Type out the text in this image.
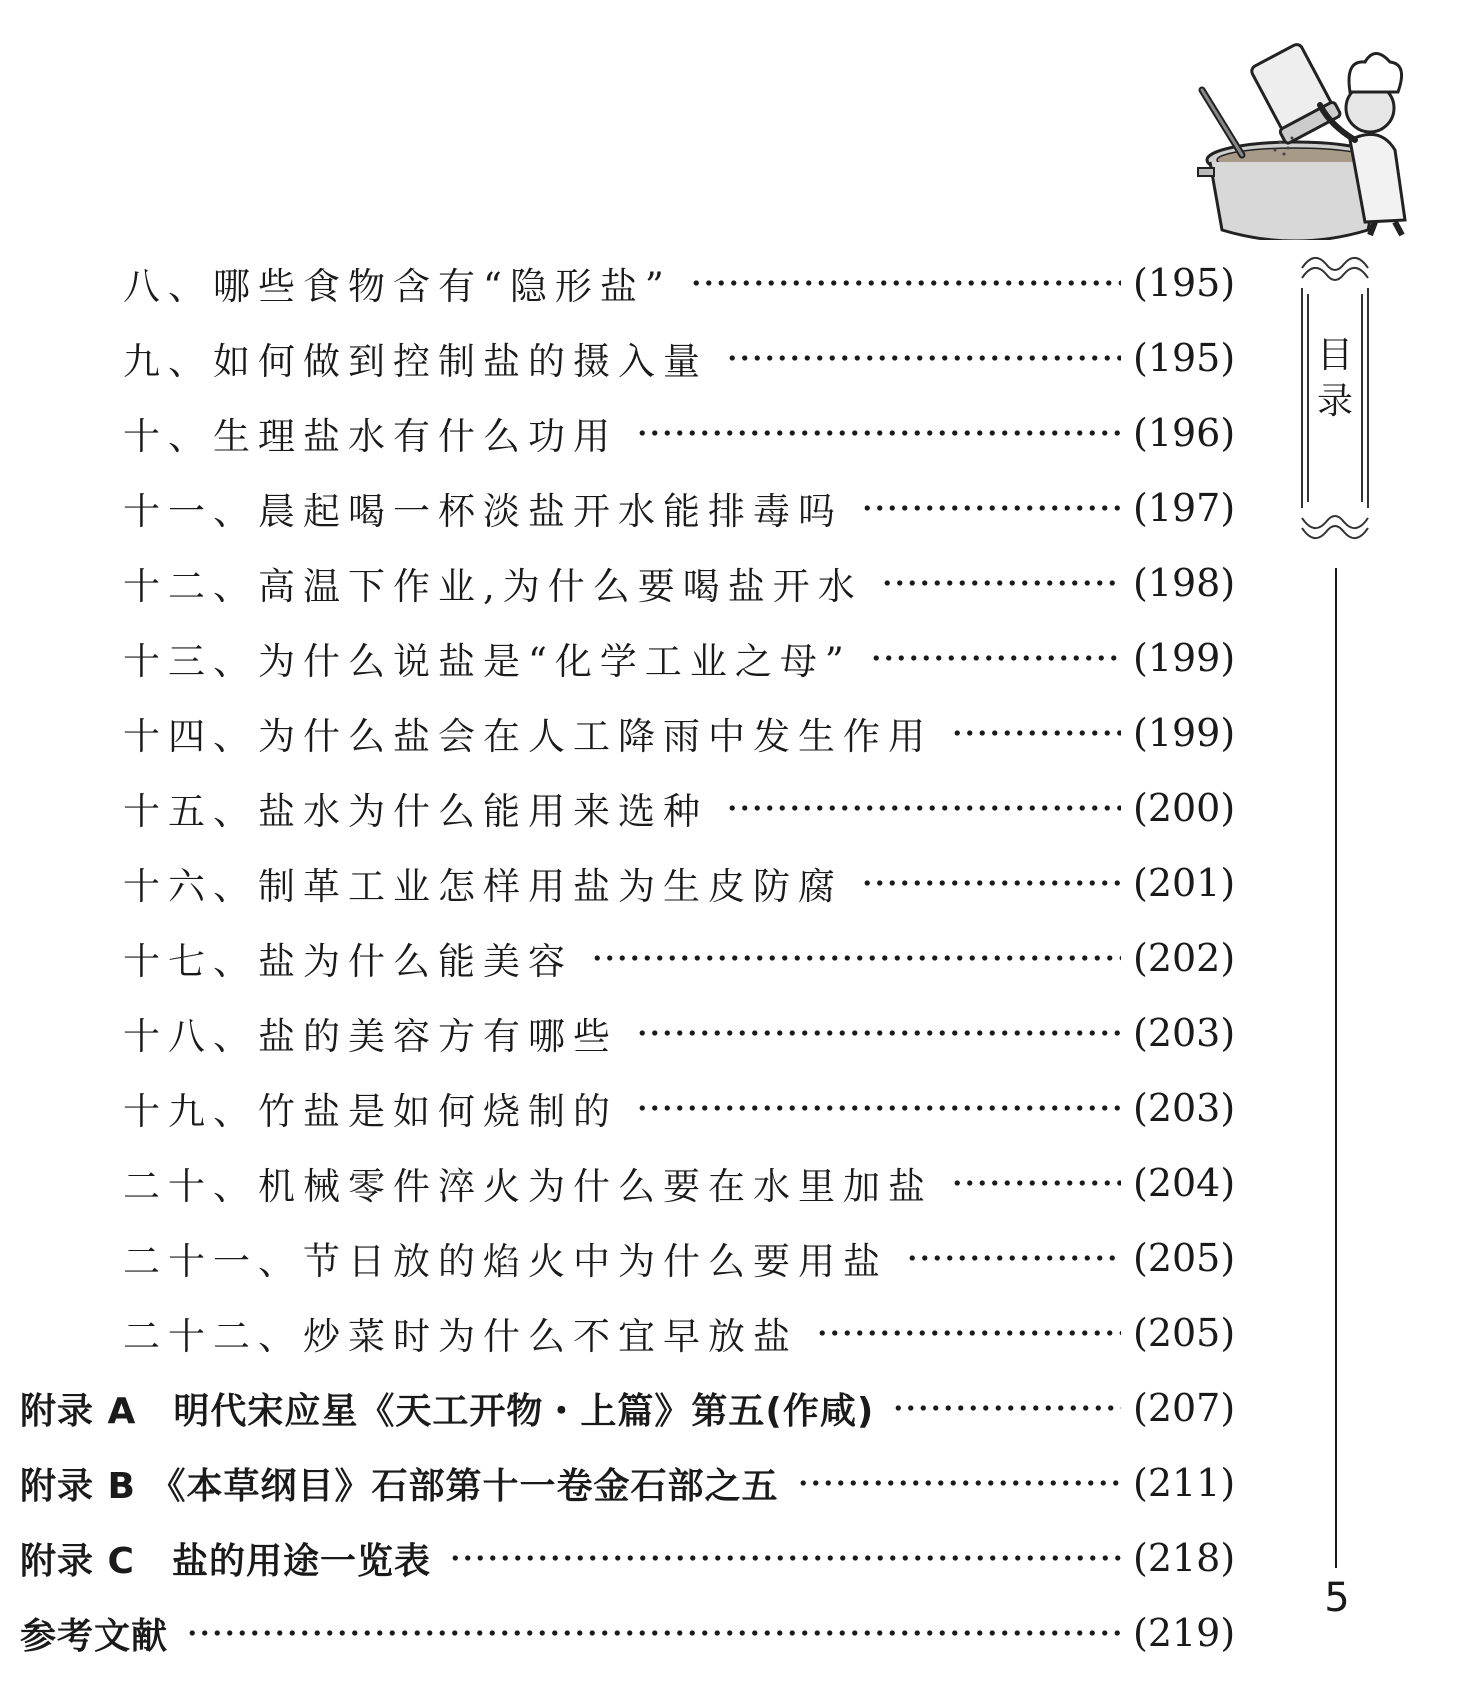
八、哪些食物含有“隐形盐”	(195)
九、如何做到控制盐的摄入量	(195)
十、生理盐水有什么功用	(196)
十一、晨起喝一杯淡盐开水能排毒吗	(197)
十二、高温下作业,为什么要喝盐开水	(198)
十三、为什么说盐是“化学工业之母”	(199)
十四、为什么盐会在人工降雨中发生作用	(199)
十五、盐水为什么能用来选种	(200)
十六、制革工业怎样用盐为生皮防腐	(201)
十七、盐为什么能美容	(202)
十八、盐的美容方有哪些	(203)
十九、竹盐是如何烧制的	(203)
二十、机械零件淬火为什么要在水里加盐	(204)
二十一、节日放的焰火中为什么要用盐	(205)
二十二、炒菜时为什么不宜早放盐	(205)
附录 A　明代宋应星《天工开物・上篇》第五(作咸)	(207)
附录 B 《本草纲目》石部第十一卷金石部之五	(211)
附录 C　盐的用途一览表	(218)
参考文献	(219)
目
录
5
